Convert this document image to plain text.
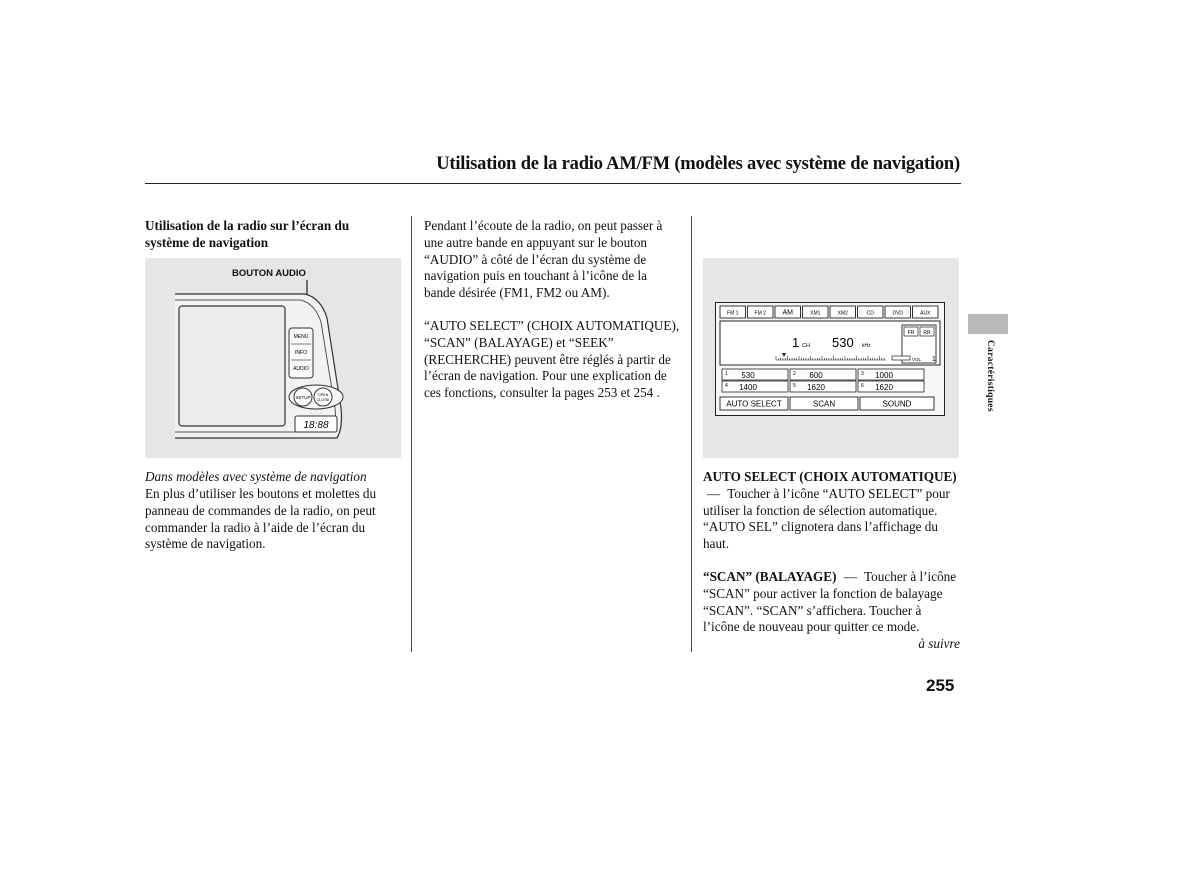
Utilisation de la radio AM/FM (modèles avec système de navigation)
Utilisation de la radio sur l’écran du système de navigation
BOUTON AUDIO
MENU
INFO
AUDIO
SETUP OPEN
CLOSE
18:88
Dans modèles avec système de navigation
En plus d’utiliser les boutons et molettes du panneau de commandes de la radio, on peut commander la radio à l’aide de l’écran du système de navigation.
Pendant l’écoute de la radio, on peut passer à une autre bande en appuyant sur le bouton “AUDIO” à côté de l’écran du système de navigation puis en touchant à l’icône de la bande désirée (FM1, FM2 ou AM).
“AUTO SELECT” (CHOIX AUTOMATIQUE), “SCAN” (BALAYAGE) et “SEEK” (RECHERCHE) peuvent être réglés à partir de l’écran de navigation. Pour une explication de ces fonctions, consulter la pages 253 et 254 .
FM 1	FM 2 AM	XM1	XM2	CD	DVD	AUX
1 CH 530 kHz
FR RR
VOL 1
1 530	2 600	3 1000
4 1400	5 1620	6 1620
AUTO SELECT	SCAN	SOUND
AUTO SELECT (CHOIX AUTOMATIQUE) — Toucher à l’icône “AUTO SELECT” pour utiliser la fonction de sélection automatique. “AUTO SEL” clignotera dans l’affichage du haut.
“SCAN” (BALAYAGE) — Toucher à l’icône “SCAN” pour activer la fonction de balayage “SCAN”. “SCAN” s’affichera. Toucher à l’icône de nouveau pour quitter ce mode.
à suivre
Caractéristiques
255
